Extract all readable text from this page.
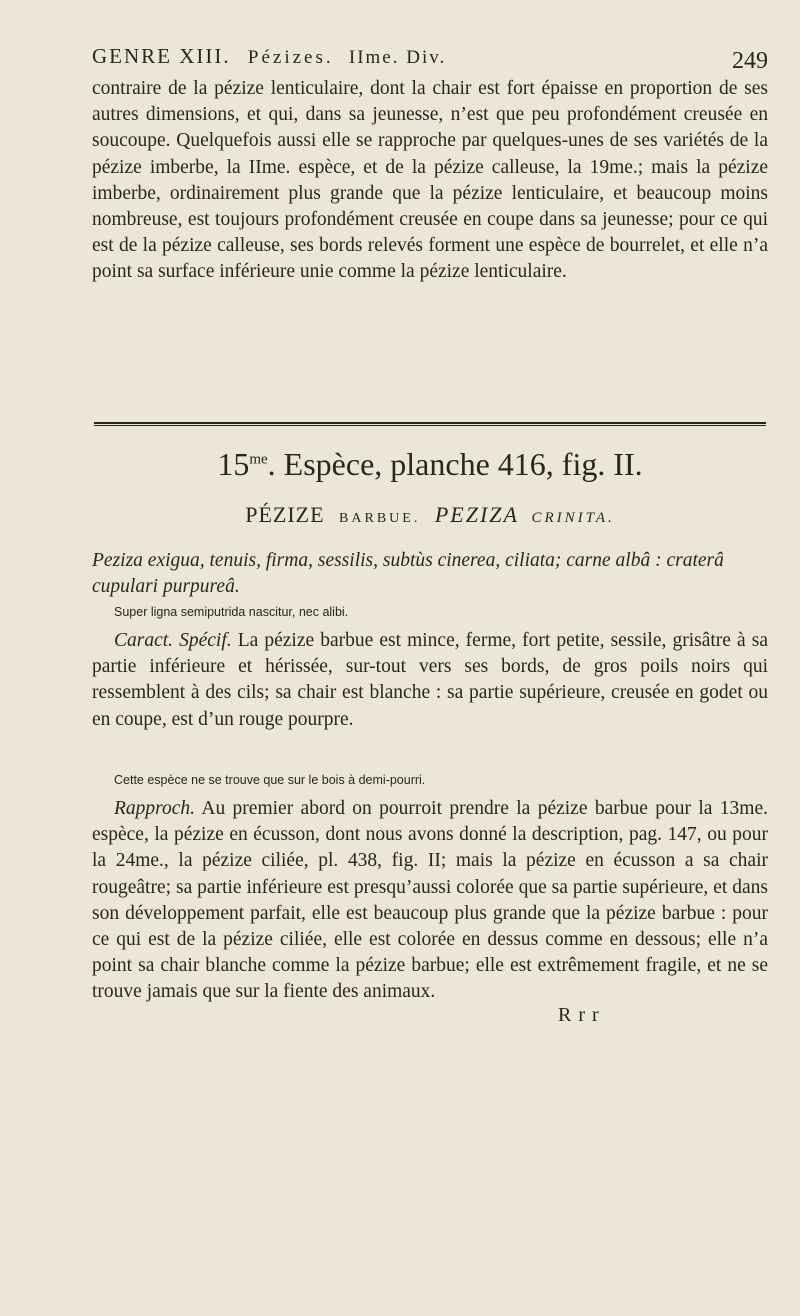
GENRE XIII. Pézizes. IIme. Div.	249
contraire de la pézize lenticulaire, dont la chair est fort épaisse en proportion de ses autres dimensions, et qui, dans sa jeunesse, n’est que peu profondément creusée en soucoupe. Quelquefois aussi elle se rapproche par quelques-unes de ses variétés de la pézize imberbe, la IIme. espèce, et de la pézize calleuse, la 19me.; mais la pézize imberbe, ordinairement plus grande que la pézize lenticulaire, et beaucoup moins nombreuse, est toujours profondément creusée en coupe dans sa jeunesse; pour ce qui est de la pézize calleuse, ses bords relevés forment une espèce de bourrelet, et elle n’a point sa surface inférieure unie comme la pézize lenticulaire.
$15^{me}$. Espèce, planche 416, fig. II.
PÉZIZE BARBUE. PEZIZA CRINITA.
Peziza exigua, tenuis, firma, sessilis, subtùs cinerea, ciliata; carne albâ : craterâ cupulari purpureâ.
Super ligna semiputrida nascitur, nec alibi.
Caract. Spécif. La pézize barbue est mince, ferme, fort petite, sessile, grisâtre à sa partie inférieure et hérissée, sur-tout vers ses bords, de gros poils noirs qui ressemblent à des cils; sa chair est blanche : sa partie supérieure, creusée en godet ou en coupe, est d’un rouge pourpre.
Cette espèce ne se trouve que sur le bois à demi-pourri.
Rapproch. Au premier abord on pourroit prendre la pézize barbue pour la 13me. espèce, la pézize en écusson, dont nous avons donné la description, pag. 147, ou pour la 24me., la pézize ciliée, pl. 438, fig. II; mais la pézize en écusson a sa chair rougeâtre; sa partie inférieure est presqu’aussi colorée que sa partie supérieure, et dans son développement parfait, elle est beaucoup plus grande que la pézize barbue : pour ce qui est de la pézize ciliée, elle est colorée en dessus comme en dessous; elle n’a point sa chair blanche comme la pézize barbue; elle est extrêmement fragile, et ne se trouve jamais que sur la fiente des animaux.
R r r
